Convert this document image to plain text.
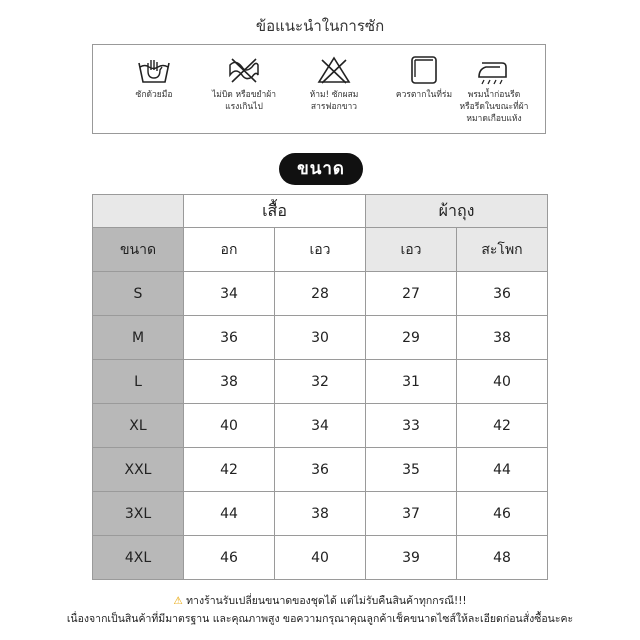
ข้อแนะนำในการซัก
ซักด้วยมือ	ไม่บิด หรือขยำผ้า
แรงเกินไป
ห้าม! ซักผสม
สารฟอกขาว
ควรตากในที่ร่ม	พรมน้ำก่อนรีด
หรือรีดในขณะที่ผ้า
หมาดเกือบแห้ง
ขนาด
	เสื้อ		ผ้าถุง	
ขนาด	อก	เอว	เอว	สะโพก
S	34	28	27	36
M	36	30	29	38
L	38	32	31	40
XL	40	34	33	42
XXL	42	36	35	44
3XL	44	38	37	46
4XL	46	40	39	48
⚠ ทางร้านรับเปลี่ยนขนาดของชุดได้ แต่ไม่รับคืนสินค้าทุกกรณี!!!
เนื่องจากเป็นสินค้าที่มีมาตรฐาน และคุณภาพสูง ขอความกรุณาคุณลูกค้าเช็คขนาดไซส์ให้ละเอียดก่อนสั่งซื้อนะคะ
